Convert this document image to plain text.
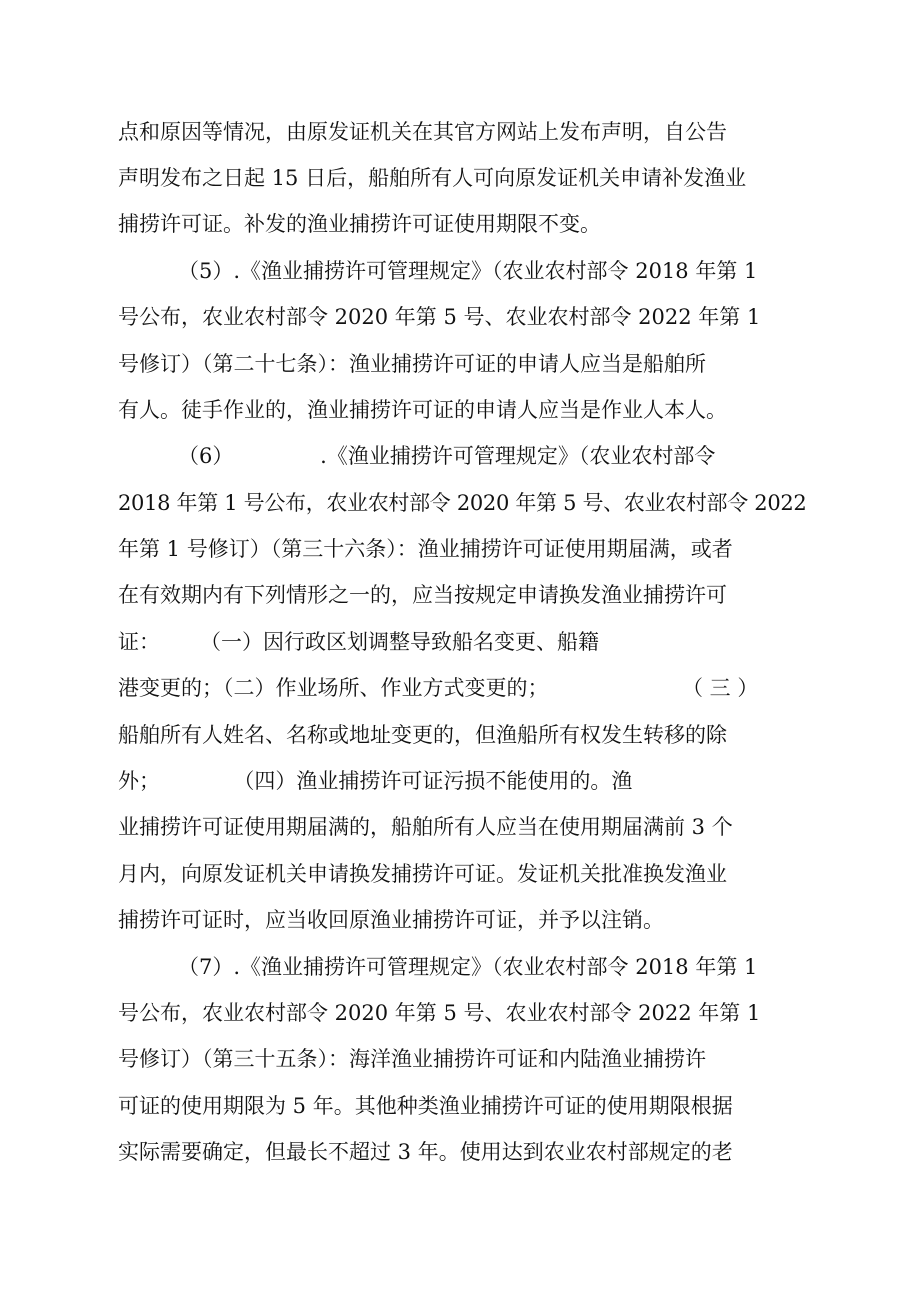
点和原因等情况，由原发证机关在其官方网站上发布声明，自公告
声明发布之日起 15 日后，船舶所有人可向原发证机关申请补发渔业
捕捞许可证。补发的渔业捕捞许可证使用期限不变。
（5）.《渔业捕捞许可管理规定》（农业农村部令 2018 年第 1
号公布，农业农村部令 2020 年第 5 号、农业农村部令 2022 年第 1
号修订）（第二十七条）：渔业捕捞许可证的申请人应当是船舶所
有人。徒手作业的，渔业捕捞许可证的申请人应当是作业人本人。
（6）             .《渔业捕捞许可管理规定》（农业农村部令
2018 年第 1 号公布，农业农村部令 2020 年第 5 号、农业农村部令 2022
年第 1 号修订）（第三十六条）：渔业捕捞许可证使用期届满，或者
在有效期内有下列情形之一的，应当按规定申请换发渔业捕捞许可
证：      （一）因行政区划调整导致船名变更、船籍
港变更的；（二）作业场所、作业方式变更的；                    （ 三 ）
船舶所有人姓名、名称或地址变更的，但渔船所有权发生转移的除
外；           （四）渔业捕捞许可证污损不能使用的。渔
业捕捞许可证使用期届满的，船舶所有人应当在使用期届满前 3 个
月内，向原发证机关申请换发捕捞许可证。发证机关批准换发渔业
捕捞许可证时，应当收回原渔业捕捞许可证，并予以注销。
（7）.《渔业捕捞许可管理规定》（农业农村部令 2018 年第 1
号公布，农业农村部令 2020 年第 5 号、农业农村部令 2022 年第 1
号修订）（第三十五条）：海洋渔业捕捞许可证和内陆渔业捕捞许
可证的使用期限为 5 年。其他种类渔业捕捞许可证的使用期限根据
实际需要确定，但最长不超过 3 年。使用达到农业农村部规定的老
